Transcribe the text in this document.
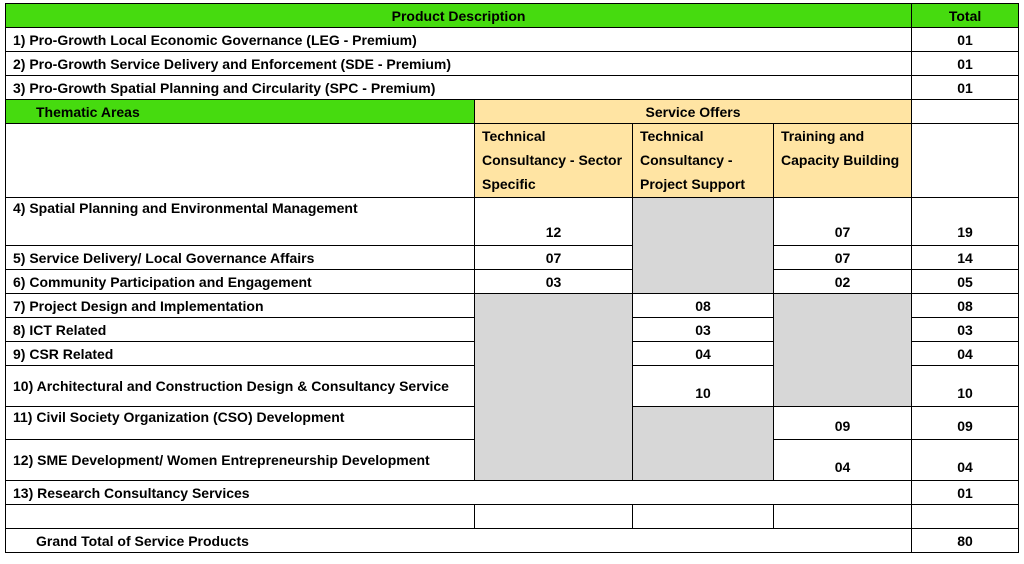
Product Description				Total
1) Pro-Growth Local Economic Governance (LEG - Premium)				01
2) Pro-Growth Service Delivery and Enforcement (SDE - Premium)				01
3) Pro-Growth Spatial Planning and Circularity (SPC - Premium)				01
Thematic Areas	Service Offers			
	Technical Consultancy - Sector Specific	Technical Consultancy - Project Support	Training and Capacity Building	
4) Spatial Planning and Environmental Management	12		07	19
5) Service Delivery/ Local Governance Affairs	07		07	14
6) Community Participation and Engagement	03		02	05
7) Project Design and Implementation		08		08
8) ICT Related		03		03
9) CSR Related		04		04
10) Architectural and Construction Design & Consultancy Service		10		10
11) Civil Society Organization (CSO) Development			09	09
12) SME Development/ Women Entrepreneurship Development			04	04
13) Research Consultancy Services				01

Grand Total of Service Products				80
